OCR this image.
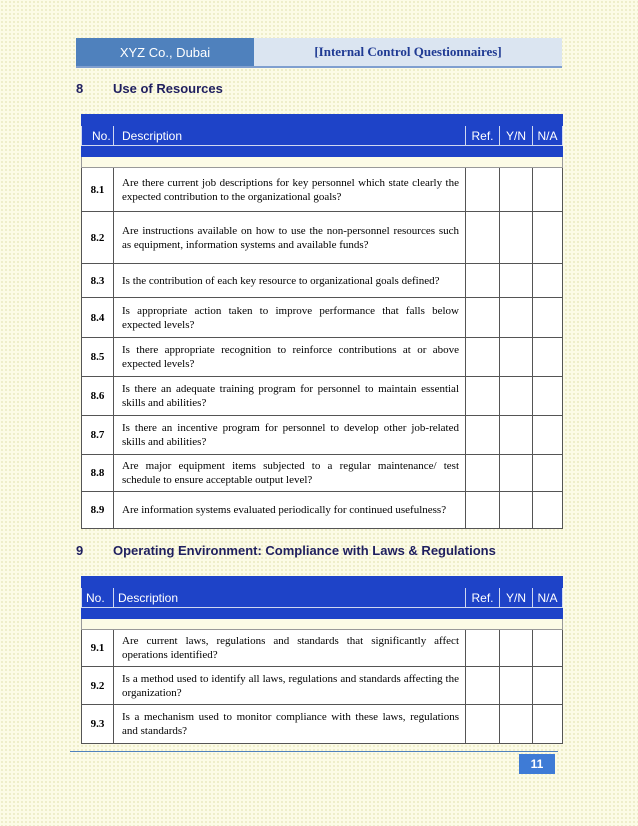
XYZ Co., Dubai	[Internal Control Questionnaires]
8	Use of Resources

No.	Description	Ref.	Y/N	N/A

8.1	Are there current job descriptions for key personnel which state clearly the expected contribution to the organizational goals?			
8.2	Are instructions available on how to use the non-personnel resources such as equipment, information systems and available funds?			
8.3	Is the contribution of each key resource to organizational goals defined?			
8.4	Is appropriate action taken to improve performance that falls below expected levels?			
8.5	Is there appropriate recognition to reinforce contributions at or above expected levels?			
8.6	Is there an adequate training program for personnel to maintain essential skills and abilities?			
8.7	Is there an incentive program for personnel to develop other job-related skills and abilities?			
8.8	Are major equipment items subjected to a regular maintenance/ test schedule to ensure acceptable output level?			
8.9	Are information systems evaluated periodically for continued usefulness?			
9	Operating Environment: Compliance with Laws & Regulations

No.	Description	Ref.	Y/N	N/A

9.1	Are current laws, regulations and standards that significantly affect operations identified?			
9.2	Is a method used to identify all laws, regulations and standards affecting the organization?			
9.3	Is a mechanism used to monitor compliance with these laws, regulations and standards?			
11
